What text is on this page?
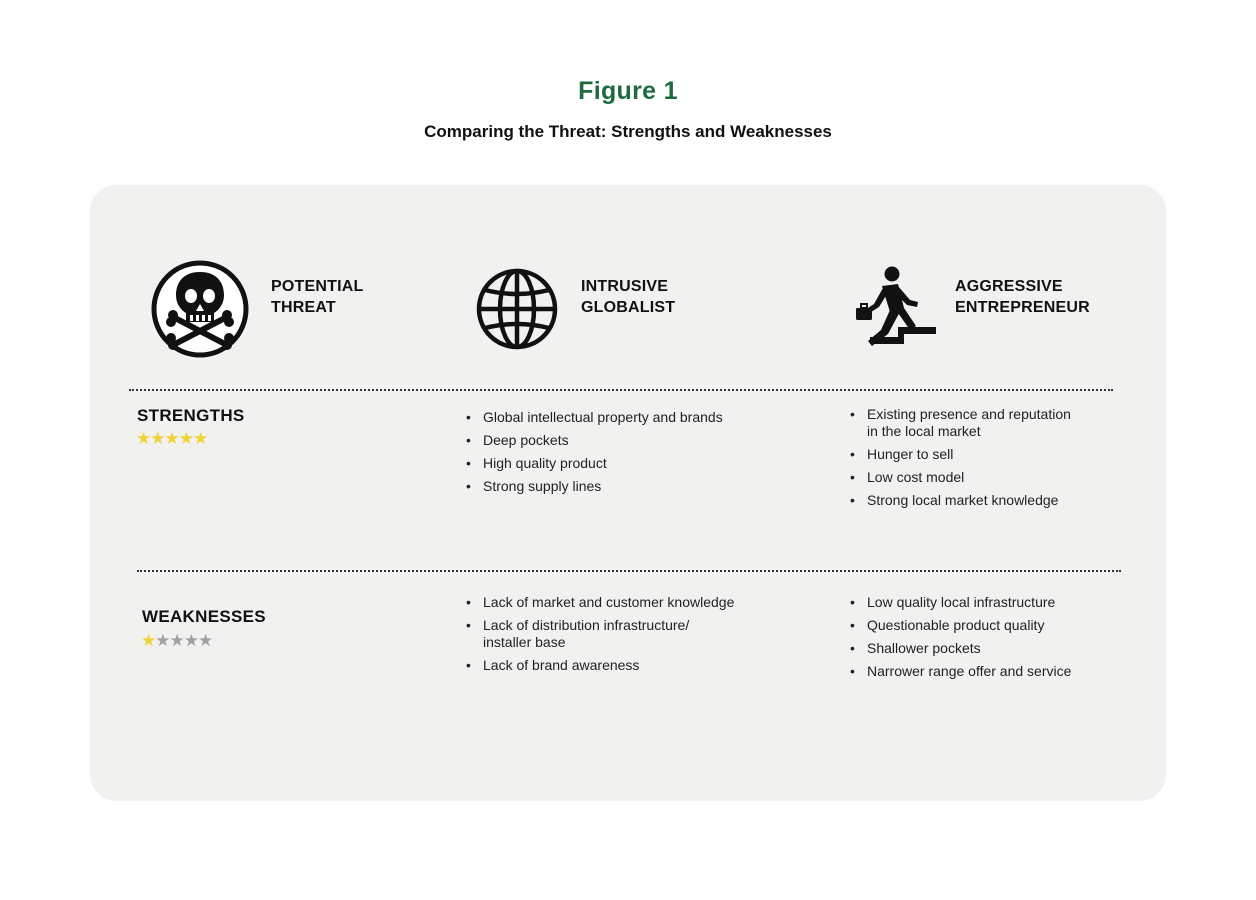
Figure 1
Comparing the Threat: Strengths and Weaknesses
POTENTIAL
THREAT
INTRUSIVE
GLOBALIST
AGGRESSIVE
ENTREPRENEUR
STRENGTHS
★★★★★
• Global intellectual property and brands
• Deep pockets
• High quality product
• Strong supply lines
• Existing presence and reputation
in the local market
• Hunger to sell
• Low cost model
• Strong local market knowledge
WEAKNESSES
★★★★★
• Lack of market and customer knowledge
• Lack of distribution infrastructure/
installer base
• Lack of brand awareness
• Low quality local infrastructure
• Questionable product quality
• Shallower pockets
• Narrower range offer and service
